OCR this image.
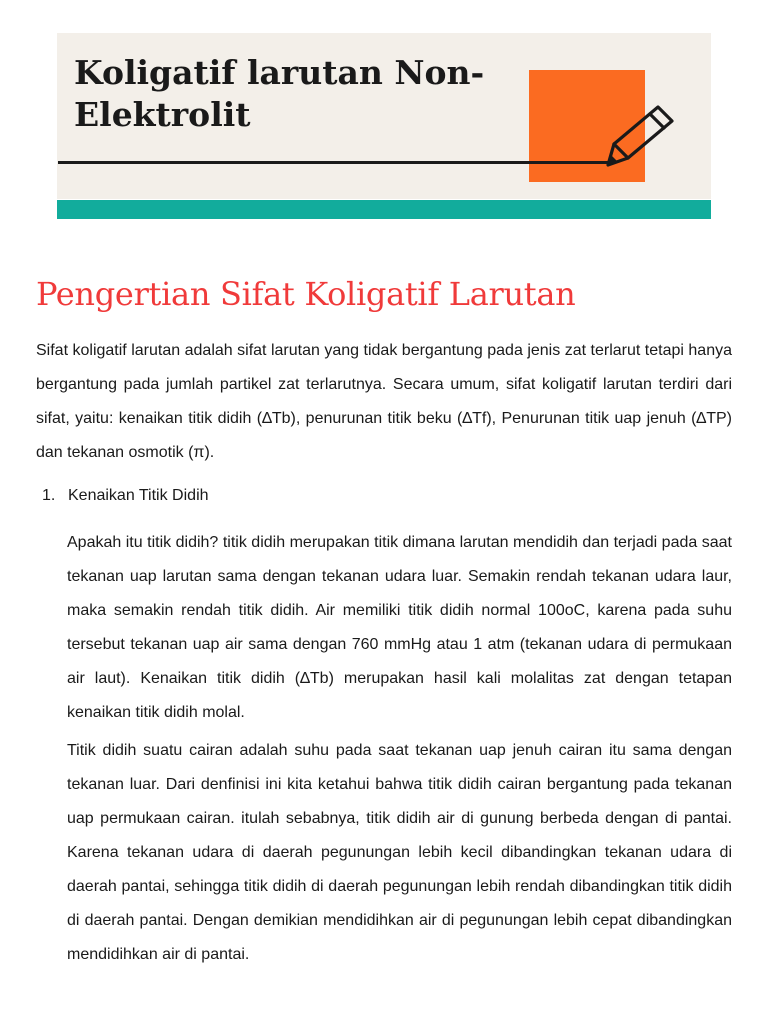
Koligatif larutan Non-Elektrolit
Pengertian Sifat Koligatif Larutan

Sifat koligatif larutan adalah sifat larutan yang tidak bergantung pada jenis zat terlarut tetapi hanya bergantung pada jumlah partikel zat terlarutnya. Secara umum, sifat koligatif larutan terdiri dari sifat, yaitu: kenaikan titik didih (∆Tb), penurunan titik beku (∆Tf), Penurunan titik uap jenuh (∆TP) dan tekanan osmotik (π).

1. Kenaikan Titik Didih

Apakah itu titik didih? titik didih merupakan titik dimana larutan mendidih dan terjadi pada saat tekanan uap larutan sama dengan tekanan udara luar. Semakin rendah tekanan udara laur, maka semakin rendah titik didih. Air memiliki titik didih normal 100oC, karena pada suhu tersebut tekanan uap air sama dengan 760 mmHg atau 1 atm (tekanan udara di permukaan air laut). Kenaikan titik didih (∆Tb) merupakan hasil kali molalitas zat dengan tetapan kenaikan titik didih molal.

Titik didih suatu cairan adalah suhu pada saat tekanan uap jenuh cairan itu sama dengan tekanan luar. Dari denfinisi ini kita ketahui bahwa titik didih cairan bergantung pada tekanan uap permukaan cairan. itulah sebabnya, titik didih air di gunung berbeda dengan di pantai. Karena tekanan udara di daerah pegunungan lebih kecil dibandingkan tekanan udara di daerah pantai, sehingga titik didih di daerah pegunungan lebih rendah dibandingkan titik didih di daerah pantai. Dengan demikian mendidihkan air di pegunungan lebih cepat dibandingkan mendidihkan air di pantai.
